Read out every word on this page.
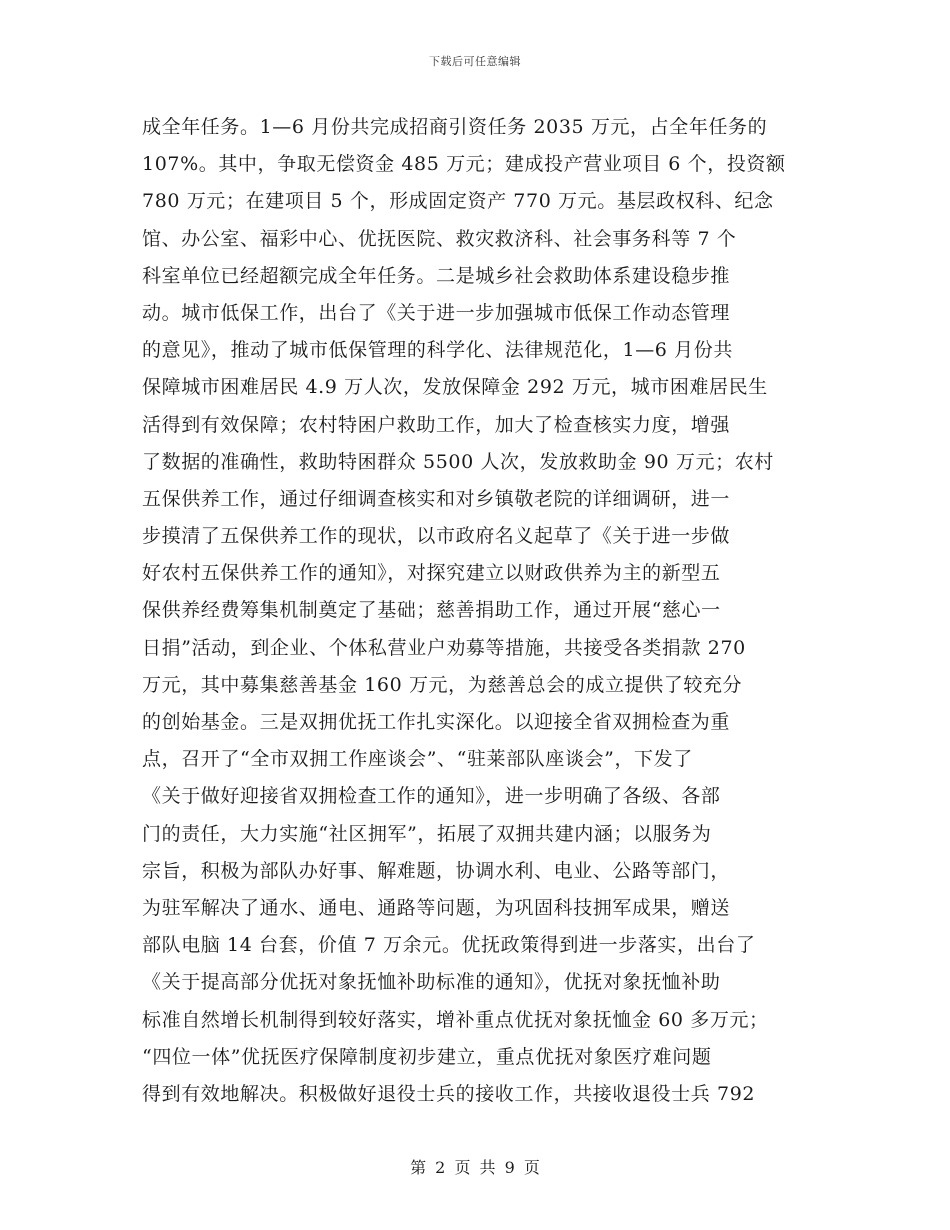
下载后可任意编辑
成全年任务。1—6 月份共完成招商引资任务 2035 万元，占全年任务的
107%。其中，争取无偿资金 485 万元；建成投产营业项目 6 个，投资额
780 万元；在建项目 5 个，形成固定资产 770 万元。基层政权科、纪念
馆、办公室、福彩中心、优抚医院、救灾救济科、社会事务科等 7 个
科室单位已经超额完成全年任务。二是城乡社会救助体系建设稳步推
动。城市低保工作，出台了《关于进一步加强城市低保工作动态管理
的意见》，推动了城市低保管理的科学化、法律规范化，1—6 月份共
保障城市困难居民 4.9 万人次，发放保障金 292 万元，城市困难居民生
活得到有效保障；农村特困户救助工作，加大了检查核实力度，增强
了数据的准确性，救助特困群众 5500 人次，发放救助金 90 万元；农村
五保供养工作，通过仔细调查核实和对乡镇敬老院的详细调研，进一
步摸清了五保供养工作的现状，以市政府名义起草了《关于进一步做
好农村五保供养工作的通知》，对探究建立以财政供养为主的新型五
保供养经费筹集机制奠定了基础；慈善捐助工作，通过开展“慈心一
日捐”活动，到企业、个体私营业户劝募等措施，共接受各类捐款 270
万元，其中募集慈善基金 160 万元，为慈善总会的成立提供了较充分
的创始基金。三是双拥优抚工作扎实深化。以迎接全省双拥检查为重
点，召开了“全市双拥工作座谈会”、“驻莱部队座谈会”，下发了
《关于做好迎接省双拥检查工作的通知》，进一步明确了各级、各部
门的责任，大力实施“社区拥军”，拓展了双拥共建内涵；以服务为
宗旨，积极为部队办好事、解难题，协调水利、电业、公路等部门，
为驻军解决了通水、通电、通路等问题，为巩固科技拥军成果，赠送
部队电脑 14 台套，价值 7 万余元。优抚政策得到进一步落实，出台了
《关于提高部分优抚对象抚恤补助标准的通知》，优抚对象抚恤补助
标准自然增长机制得到较好落实，增补重点优抚对象抚恤金 60 多万元；
“四位一体”优抚医疗保障制度初步建立，重点优抚对象医疗难问题
得到有效地解决。积极做好退役士兵的接收工作，共接收退役士兵 792
第 2 页 共 9 页
